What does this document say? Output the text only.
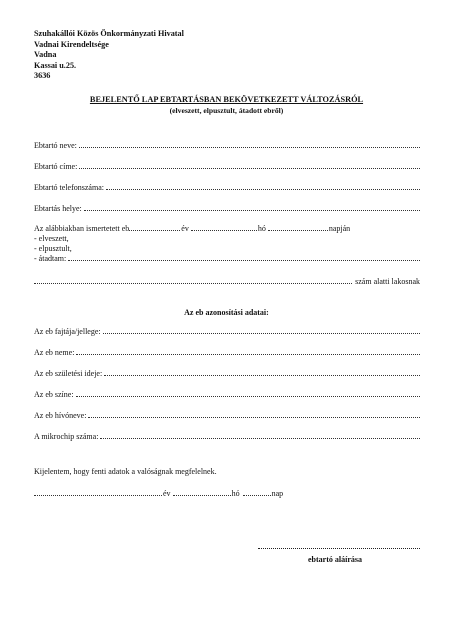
Szuhakállói Közös Önkormányzati Hivatal
Vadnai Kirendeltsége
Vadna
Kassai u.25.
3636
BEJELENTŐ LAP EBTARTÁSBAN BEKÖVETKEZETT VÁLTOZÁSRÓL
(elveszett, elpusztult, átadott ebről)
Ebtartó neve:
Ebtartó címe:
Ebtartó telefonszáma:
Ebtartás helye:
Az alábbiakban ismertetett eb	év	hó	napján
- elveszett,
- elpusztult,
- átadtam:
szám alatti lakosnak
Az eb azonosítási adatai:
Az eb fajtája/jellege:
Az eb neme:
Az eb születési ideje:
Az eb színe:
Az eb hívóneve:
A mikrochip száma:
Kijelentem, hogy fenti adatok a valóságnak megfelelnek.
év	hó	nap
ebtartó aláírása
